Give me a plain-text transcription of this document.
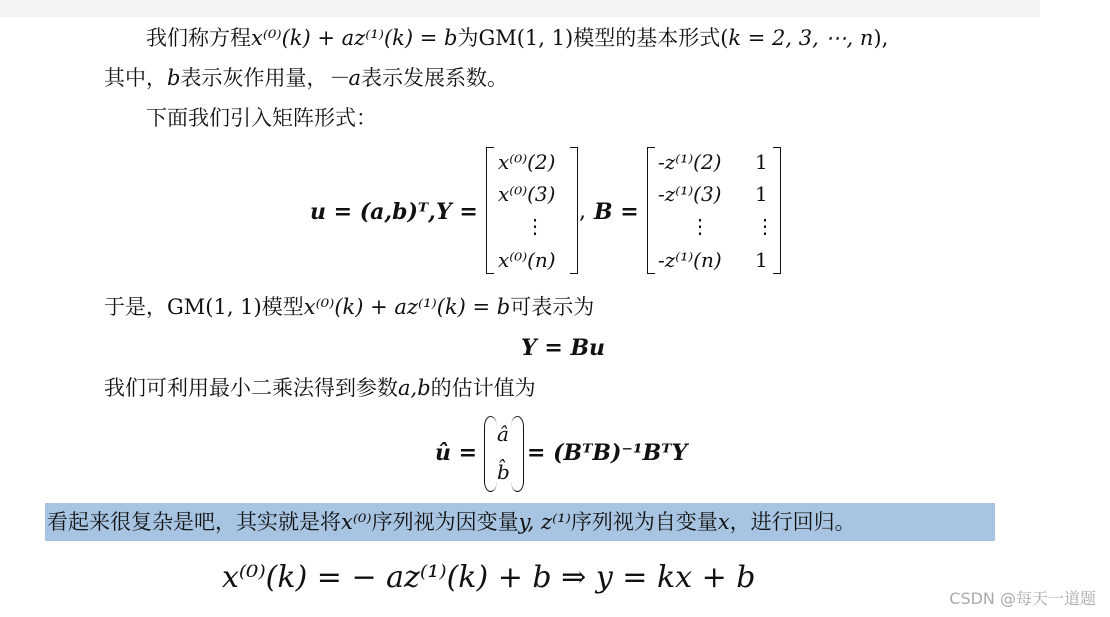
我们称方程x⁽⁰⁾(k) + az⁽¹⁾(k) = b为GM(1, 1)模型的基本形式(k = 2, 3, ⋯, n),
其中，b表示灰作用量，－a表示发展系数。
下面我们引入矩阵形式：
u = (a,b)ᵀ, Y =
x⁽⁰⁾(2)
x⁽⁰⁾(3)
⋮
x⁽⁰⁾(n)
, B =
-z⁽¹⁾(2)
-z⁽¹⁾(3)
⋮
-z⁽¹⁾(n)
1
1
⋮
1
于是，GM(1, 1)模型x⁽⁰⁾(k) + az⁽¹⁾(k) = b可表示为
Y = Bu
我们可利用最小二乘法得到参数a,b的估计值为
û =
â
b̂
= (BᵀB)⁻¹BᵀY
看起来很复杂是吧，其实就是将x⁽⁰⁾序列视为因变量y, z⁽¹⁾序列视为自变量x，进行回归。
x⁽⁰⁾(k) = − az⁽¹⁾(k) + b ⇒ y = kx + b
CSDN @每天一道题
